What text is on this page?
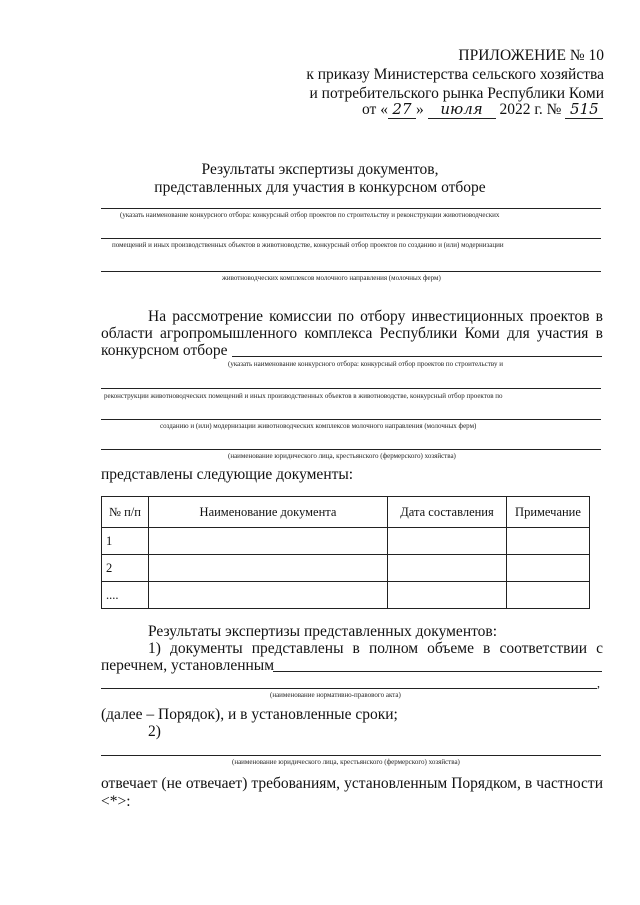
ПРИЛОЖЕНИЕ № 10
к приказу Министерства сельского хозяйства
и потребительского рынка Республики Коми
от « 27 » июля 2022 г. № 515
Результаты экспертизы документов,
представленных для участия в конкурсном отборе
(указать наименование конкурсного отбора: конкурсный отбор проектов по строительству и реконструкции животноводческих
помещений и иных производственных объектов в животноводстве, конкурсный отбор проектов по созданию и (или) модернизации
животноводческих комплексов молочного направления (молочных ферм)
На рассмотрение комиссии по отбору инвестиционных проектов в
области агропромышленного комплекса Республики Коми для участия в
конкурсном отборе
(указать наименование конкурсного отбора: конкурсный отбор проектов по строительству и
реконструкции животноводческих помещений и иных производственных объектов в животноводстве, конкурсный отбор проектов по
созданию и (или) модернизации животноводческих комплексов молочного направления (молочных ферм)
(наименование юридического лица, крестьянского (фермерского) хозяйства)
представлены следующие документы:
№ п/п	Наименование документа	Дата составления	Примечание
1			
2			
....			
Результаты экспертизы представленных документов:
1) документы представлены в полном объеме в соответствии с
перечнем, установленным
,
(наименование нормативно-правового акта)
(далее – Порядок), и в установленные сроки;
2)
(наименование юридического лица, крестьянского (фермерского) хозяйства)
отвечает (не отвечает) требованиям, установленным Порядком, в частности
<*>:
